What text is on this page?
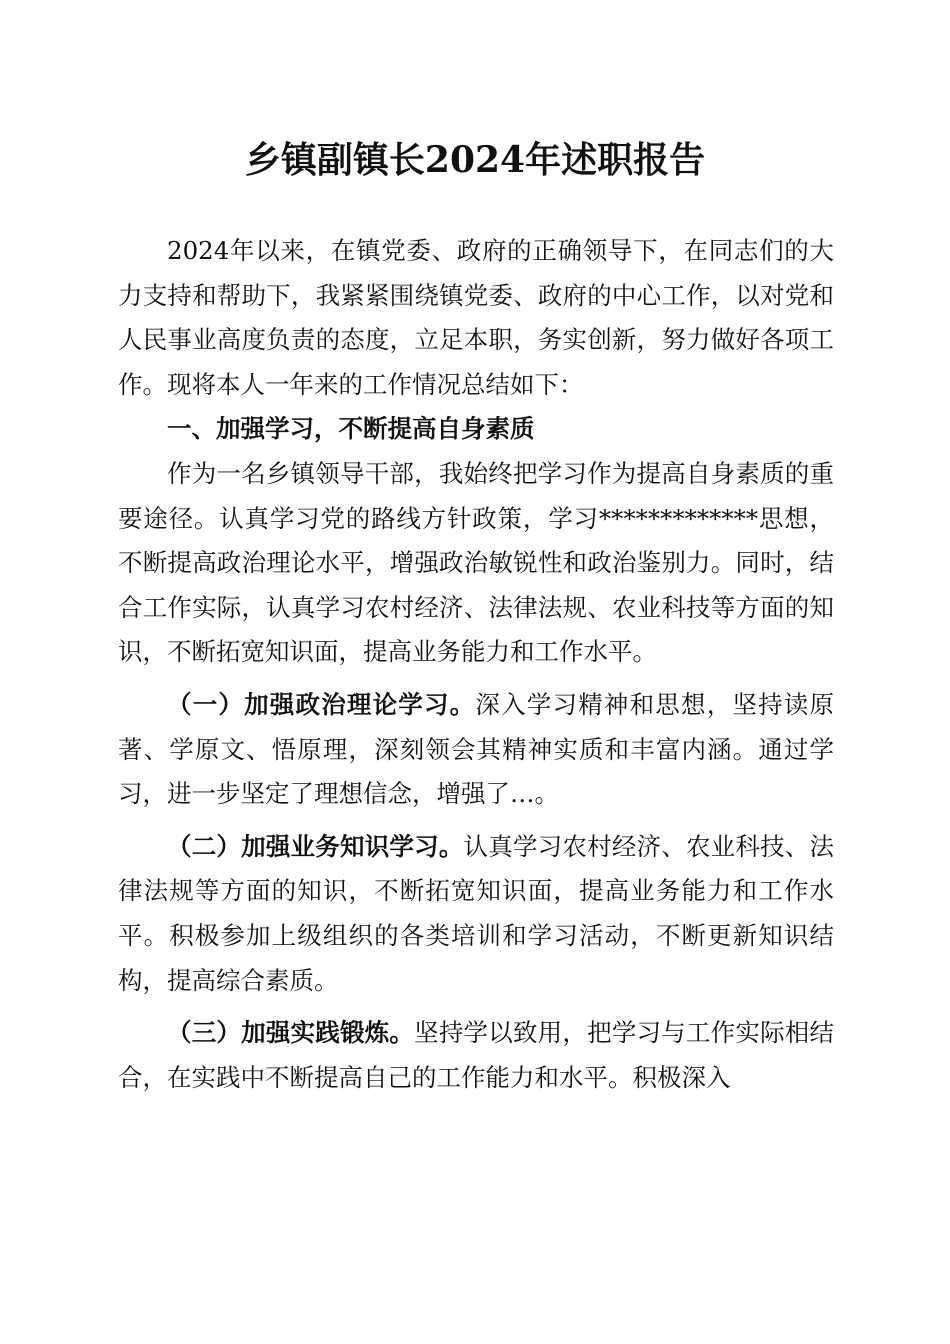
乡镇副镇长2024年述职报告

2024年以来，在镇党委、政府的正确领导下，在同志们的大力支持和帮助下，我紧紧围绕镇党委、政府的中心工作，以对党和人民事业高度负责的态度，立足本职，务实创新，努力做好各项工作。现将本人一年来的工作情况总结如下：

一、加强学习，不断提高自身素质

作为一名乡镇领导干部，我始终把学习作为提高自身素质的重要途径。认真学习党的路线方针政策，学习*************思想，不断提高政治理论水平，增强政治敏锐性和政治鉴别力。同时，结合工作实际，认真学习农村经济、法律法规、农业科技等方面的知识，不断拓宽知识面，提高业务能力和工作水平。

（一）加强政治理论学习。深入学习精神和思想，坚持读原著、学原文、悟原理，深刻领会其精神实质和丰富内涵。通过学习，进一步坚定了理想信念，增强了…。

（二）加强业务知识学习。认真学习农村经济、农业科技、法律法规等方面的知识，不断拓宽知识面，提高业务能力和工作水平。积极参加上级组织的各类培训和学习活动，不断更新知识结构，提高综合素质。

（三）加强实践锻炼。坚持学以致用，把学习与工作实际相结合，在实践中不断提高自己的工作能力和水平。积极深入
